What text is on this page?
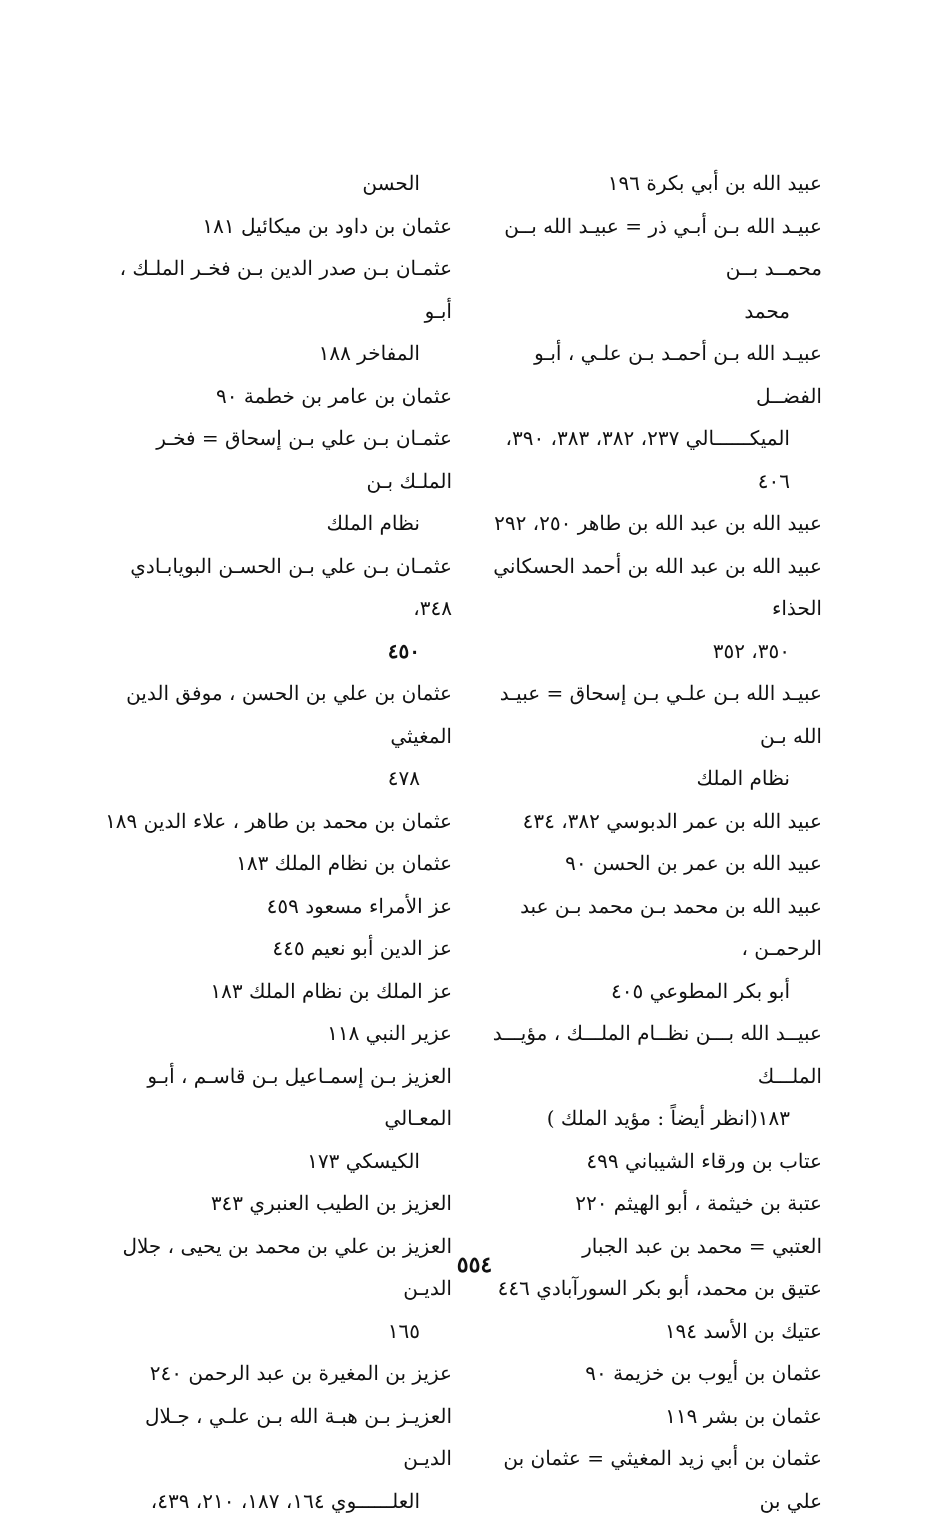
عبيد الله بن أبي بكرة ١٩٦

عبيـد الله بـن أبـي ذر = عبيـد الله بــن محمــد بــن
محمد

عبيـد الله بـن أحمـد بـن علـي ، أبـو الفضــل
الميكــــــالي ٢٣٧، ٣٨٢، ٣٨٣، ٣٩٠، ٤٠٦

عبيد الله بن عبد الله بن طاهر ٢٥٠، ٢٩٢

عبيد الله بن عبد الله بن أحمد الحسكاني الحذاء
٣٥٠، ٣٥٢

عبيـد الله بـن علـي بـن إسحاق = عبيـد الله بـن
نظام الملك

عبيد الله بن عمر الدبوسي ٣٨٢، ٤٣٤

عبيد الله بن عمر بن الحسن ٩٠

عبيد الله بن محمد بـن محمد بـن عبد الرحمـن ،
أبو بكر المطوعي ٤٠٥

عبيــد الله بـــن نظــام الملـــك ، مؤيـــد الملـــك
١٨٣(انظر أيضاً : مؤيد الملك )

عتاب بن ورقاء الشيباني ٤٩٩

عتبة بن خيثمة ، أبو الهيثم ٢٢٠

العتبي = محمد بن عبد الجبار

عتيق بن محمد، أبو بكر السورآبادي ٤٤٦

عتيك بن الأسد ١٩٤

عثمان بن أيوب بن خزيمة ٩٠

عثمان بن بشر ١١٩

عثمان بن أبي زيد المغيثي = عثمان بن علي بن

الحسن

عثمان بن داود بن ميكائيل ١٨١

عثمـان بـن صدر الدين بـن فخـر الملـك ، أبـو
المفاخر ١٨٨

عثمان بن عامر بن خطمة ٩٠

عثمـان بـن علي بـن إسحاق = فخـر الملـك بـن
نظام الملك

عثمـان بـن علي بـن الحسـن البويابـادي ٣٤٨،
٤٥٠

عثمان بن علي بن الحسن ، موفق الدين المغيثي
٤٧٨

عثمان بن محمد بن طاهر ، علاء الدين ١٨٩

عثمان بن نظام الملك ١٨٣

عز الأمراء مسعود ٤٥٩

عز الدين أبو نعيم ٤٤٥

عز الملك بن نظام الملك ١٨٣

عزير النبي ١١٨

العزيز بـن إسمـاعيل بـن قاسـم ، أبـو المعـالي
الكيسكي ١٧٣

العزيز بن الطيب العنبري ٣٤٣

العزيز بن علي بن محمد بن يحيى ، جلال الديـن
١٦٥

عزيز بن المغيرة بن عبد الرحمن ٢٤٠

العزيـز بـن هبـة الله بـن علـي ، جـلال الديـن
العلــــــوي ١٦٤، ١٨٧، ٢١٠، ٤٣٩،

٥٥٤
